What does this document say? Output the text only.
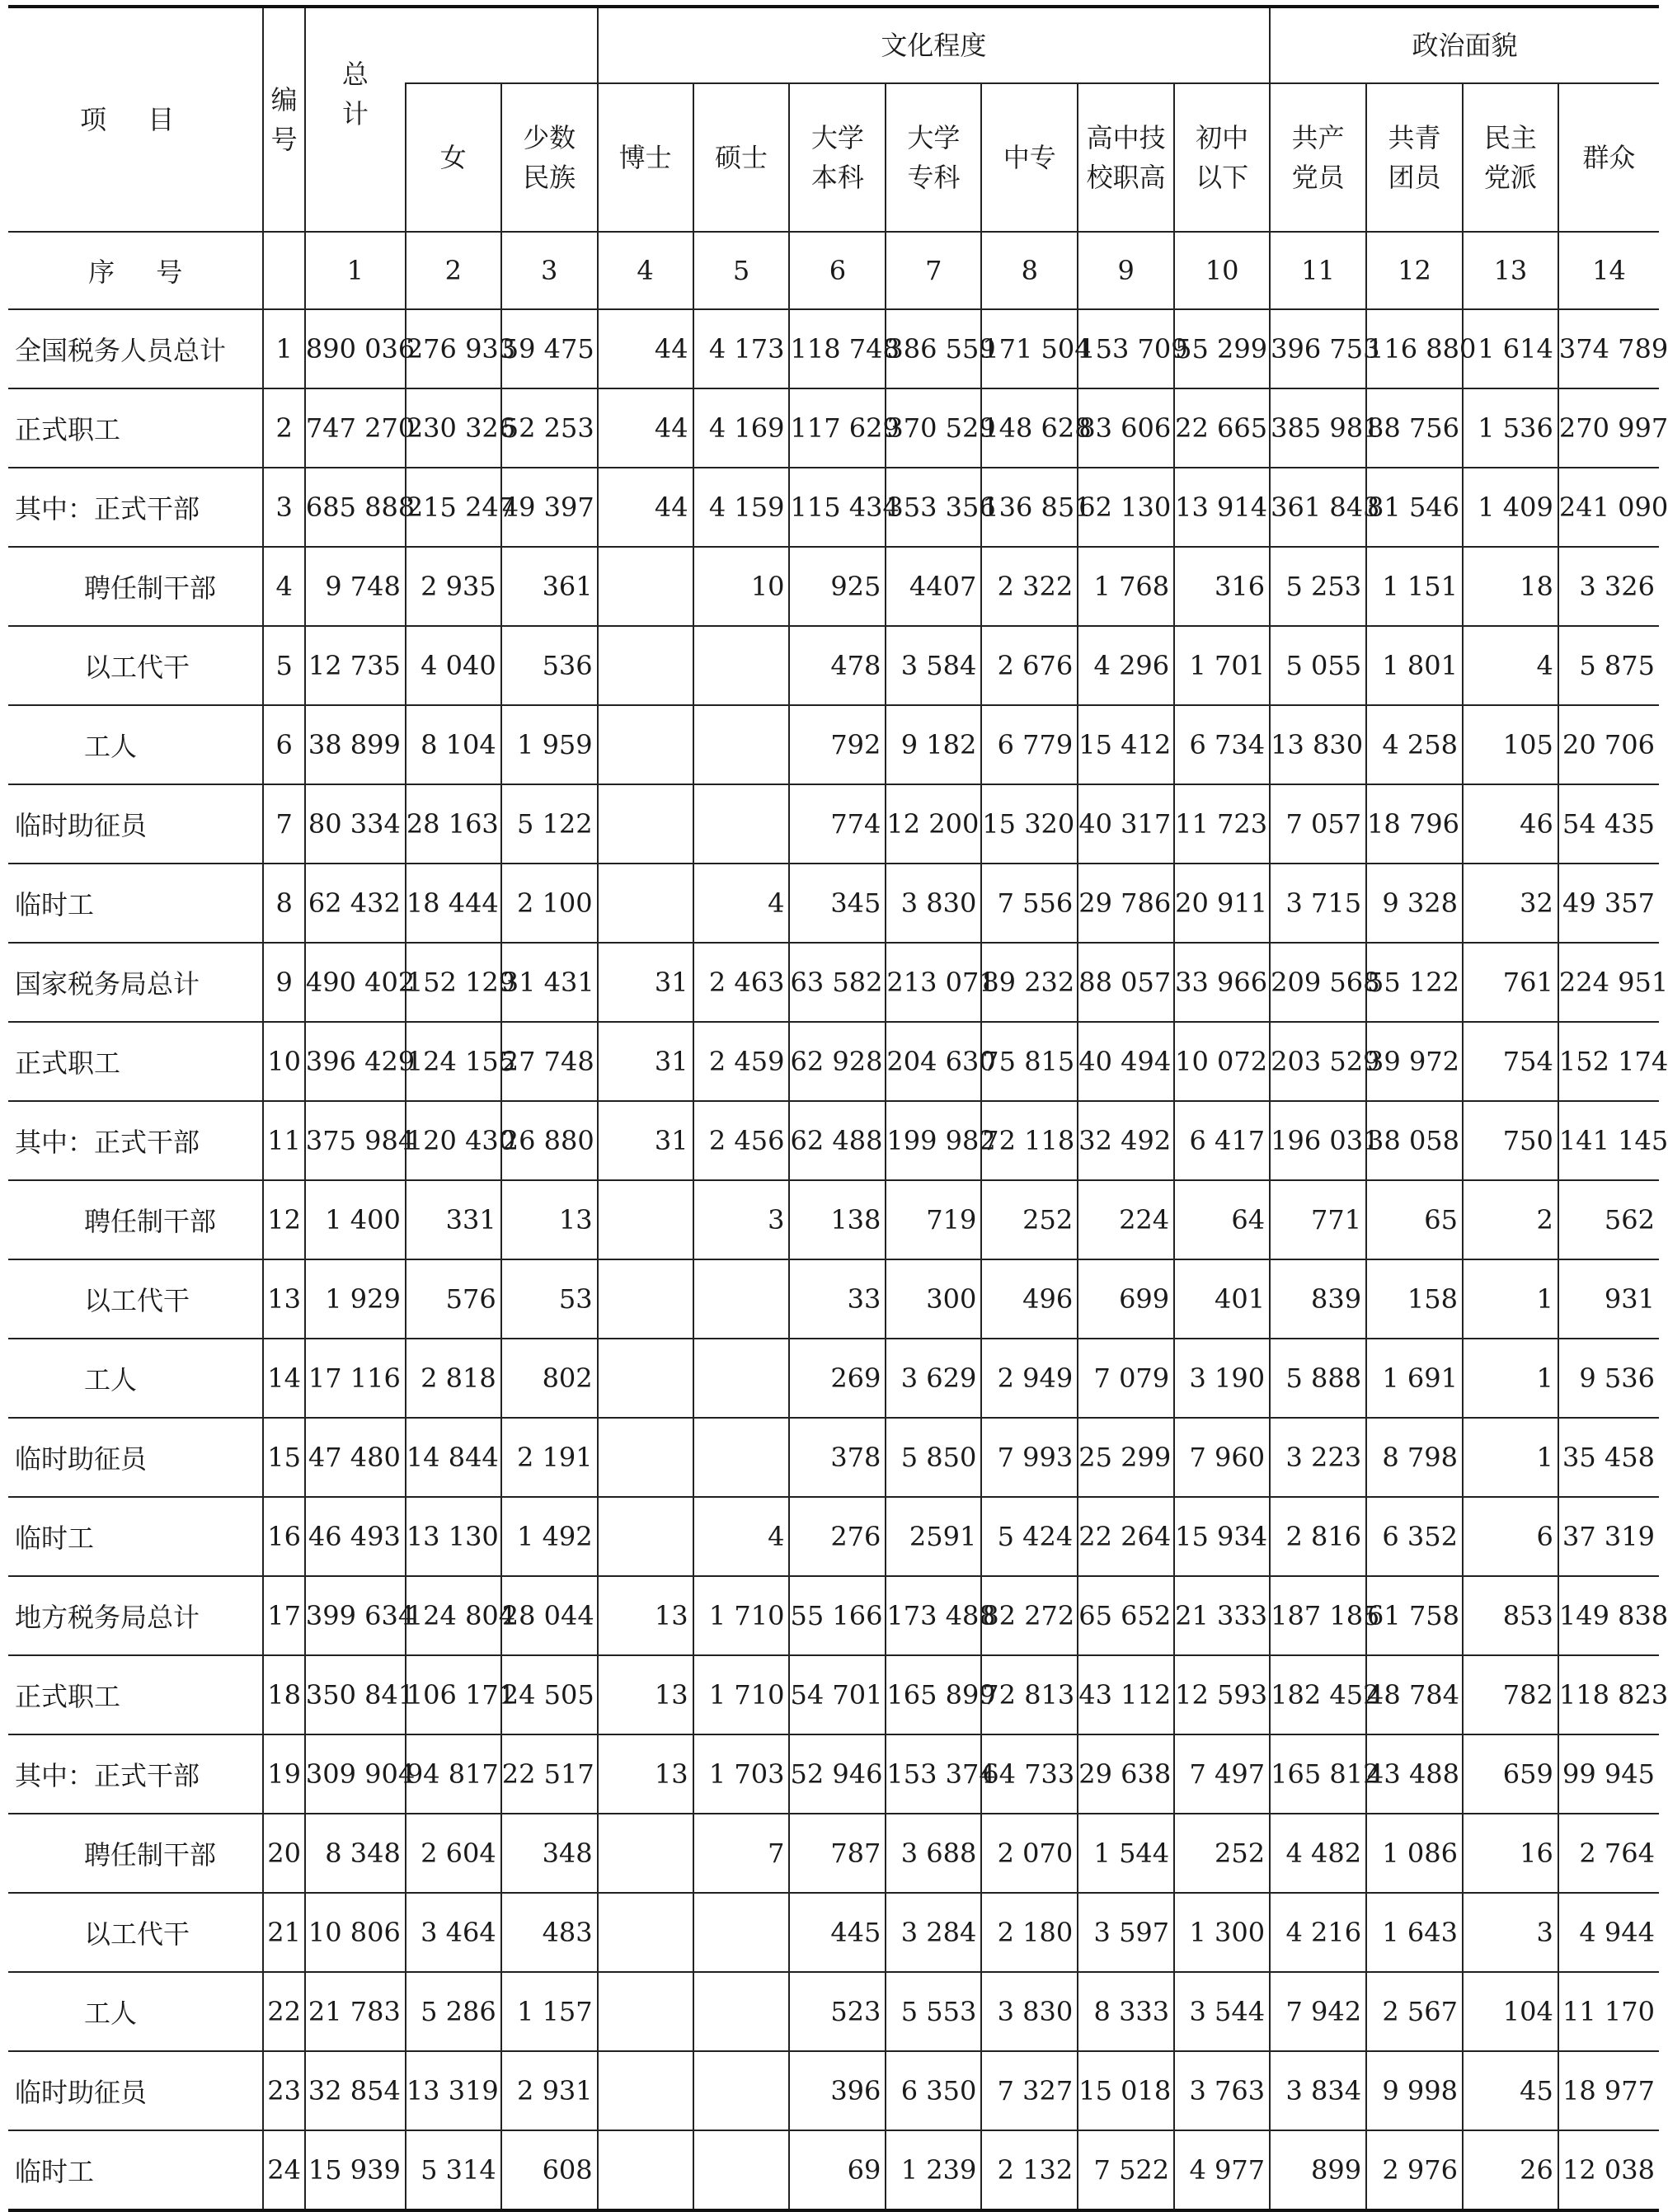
项 目	编号	总计			文化程度							政治面貌			
			女	少数民族	博士	硕士	大学本科	大学专科	中专	高中技校职高	初中以下	共产党员	共青团员	民主党派	群众
序 号		1	2	3	4	5	6	7	8	9	10	11	12	13	14
全国税务人员总计	1	890 036	276 933	59 475	44	4 173	118 748	386 559	171 504	153 709	55 299	396 753	116 880	1 614	374 789
正式职工	2	747 270	230 326	52 253	44	4 169	117 629	370 529	148 628	83 606	22 665	385 981	88 756	1 536	270 997
其中：正式干部	3	685 888	215 247	49 397	44	4 159	115 434	353 356	136 851	62 130	13 914	361 843	81 546	1 409	241 090
聘任制干部	4	9 748	2 935	361		10	925	4407	2 322	1 768	316	5 253	1 151	18	3 326
以工代干	5	12 735	4 040	536			478	3 584	2 676	4 296	1 701	5 055	1 801	4	5 875
工人	6	38 899	8 104	1 959			792	9 182	6 779	15 412	6 734	13 830	4 258	105	20 706
临时助征员	7	80 334	28 163	5 122			774	12 200	15 320	40 317	11 723	7 057	18 796	46	54 435
临时工	8	62 432	18 444	2 100		4	345	3 830	7 556	29 786	20 911	3 715	9 328	32	49 357
国家税务局总计	9	490 402	152 129	31 431	31	2 463	63 582	213 071	89 232	88 057	33 966	209 568	55 122	761	224 951
正式职工	10	396 429	124 155	27 748	31	2 459	62 928	204 630	75 815	40 494	10 072	203 529	39 972	754	152 174
其中：正式干部	11	375 984	120 430	26 880	31	2 456	62 488	199 982	72 118	32 492	6 417	196 031	38 058	750	141 145
聘任制干部	12	1 400	331	13		3	138	719	252	224	64	771	65	2	562
以工代干	13	1 929	576	53			33	300	496	699	401	839	158	1	931
工人	14	17 116	2 818	802			269	3 629	2 949	7 079	3 190	5 888	1 691	1	9 536
临时助征员	15	47 480	14 844	2 191			378	5 850	7 993	25 299	7 960	3 223	8 798	1	35 458
临时工	16	46 493	13 130	1 492		4	276	2591	5 424	22 264	15 934	2 816	6 352	6	37 319
地方税务局总计	17	399 634	124 804	28 044	13	1 710	55 166	173 488	82 272	65 652	21 333	187 185	61 758	853	149 838
正式职工	18	350 841	106 171	24 505	13	1 710	54 701	165 899	72 813	43 112	12 593	182 452	48 784	782	118 823
其中：正式干部	19	309 904	94 817	22 517	13	1 703	52 946	153 374	64 733	29 638	7 497	165 812	43 488	659	99 945
聘任制干部	20	8 348	2 604	348		7	787	3 688	2 070	1 544	252	4 482	1 086	16	2 764
以工代干	21	10 806	3 464	483			445	3 284	2 180	3 597	1 300	4 216	1 643	3	4 944
工人	22	21 783	5 286	1 157			523	5 553	3 830	8 333	3 544	7 942	2 567	104	11 170
临时助征员	23	32 854	13 319	2 931			396	6 350	7 327	15 018	3 763	3 834	9 998	45	18 977
临时工	24	15 939	5 314	608			69	1 239	2 132	7 522	4 977	899	2 976	26	12 038
